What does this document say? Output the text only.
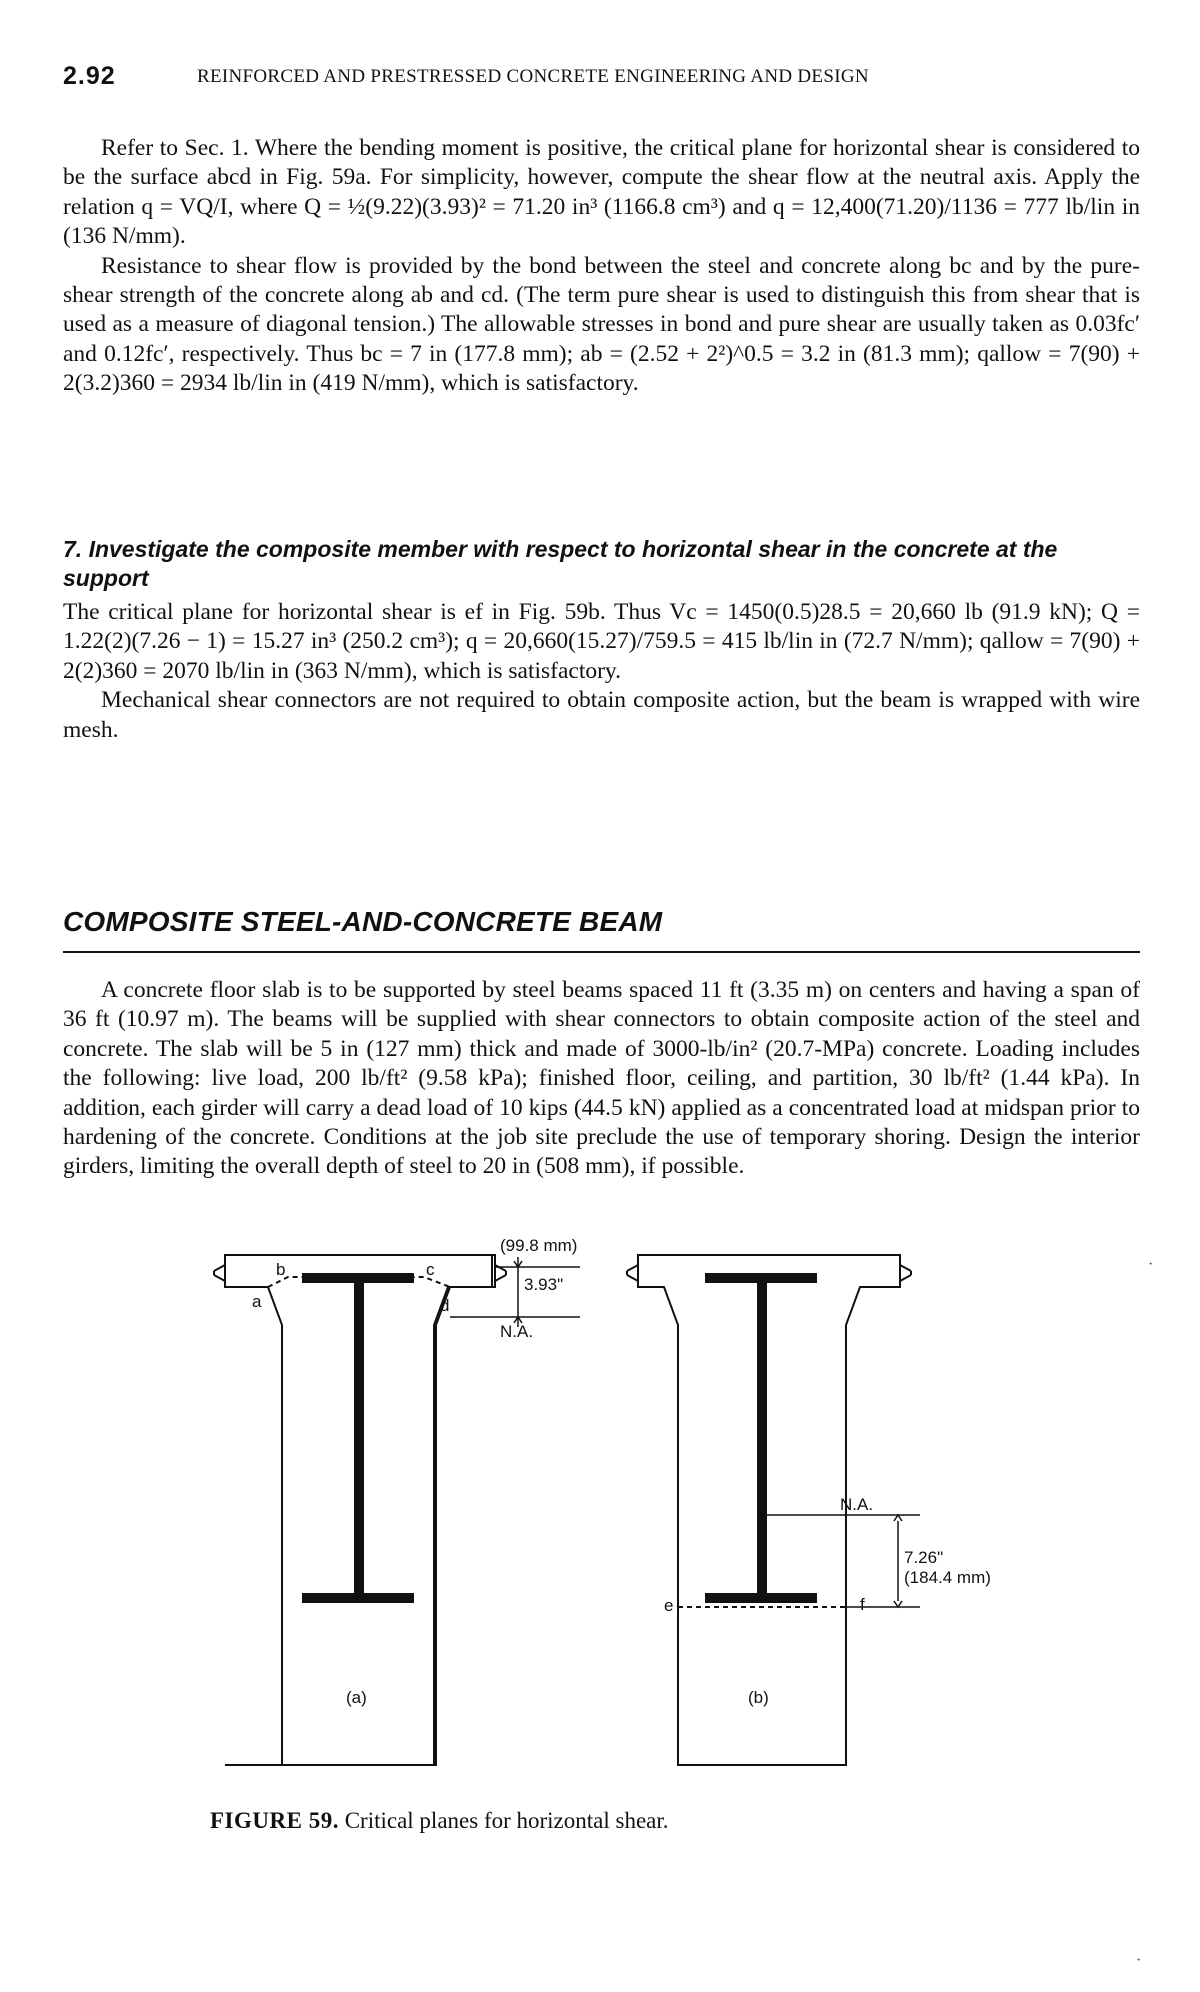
2.92	REINFORCED AND PRESTRESSED CONCRETE ENGINEERING AND DESIGN

Refer to Sec. 1. Where the bending moment is positive, the critical plane for horizontal shear is considered to be the surface abcd in Fig. 59a. For simplicity, however, compute the shear flow at the neutral axis. Apply the relation q = VQ/I, where Q = ½(9.22)(3.93)² = 71.20 in³ (1166.8 cm³) and q = 12,400(71.20)/1136 = 777 lb/lin in (136 N/mm).

Resistance to shear flow is provided by the bond between the steel and concrete along bc and by the pure-shear strength of the concrete along ab and cd. (The term pure shear is used to distinguish this from shear that is used as a measure of diagonal tension.) The allowable stresses in bond and pure shear are usually taken as 0.03fc′ and 0.12fc′, respectively. Thus bc = 7 in (177.8 mm); ab = (2.52 + 2²)^0.5 = 3.2 in (81.3 mm); qallow = 7(90) + 2(3.2)360 = 2934 lb/lin in (419 N/mm), which is satisfactory.

7. Investigate the composite member with respect to horizontal shear in the concrete at the support

The critical plane for horizontal shear is ef in Fig. 59b. Thus Vc = 1450(0.5)28.5 = 20,660 lb (91.9 kN); Q = 1.22(2)(7.26 − 1) = 15.27 in³ (250.2 cm³); q = 20,660(15.27)/759.5 = 415 lb/lin in (72.7 N/mm); qallow = 7(90) + 2(2)360 = 2070 lb/lin in (363 N/mm), which is satisfactory.

Mechanical shear connectors are not required to obtain composite action, but the beam is wrapped with wire mesh.

COMPOSITE STEEL-AND-CONCRETE BEAM

A concrete floor slab is to be supported by steel beams spaced 11 ft (3.35 m) on centers and having a span of 36 ft (10.97 m). The beams will be supplied with shear connectors to obtain composite action of the steel and concrete. The slab will be 5 in (127 mm) thick and made of 3000-lb/in² (20.7-MPa) concrete. Loading includes the following: live load, 200 lb/ft² (9.58 kPa); finished floor, ceiling, and partition, 30 lb/ft² (1.44 kPa). In addition, each girder will carry a dead load of 10 kips (44.5 kN) applied as a concentrated load at midspan prior to hardening of the concrete. Conditions at the job site preclude the use of temporary shoring. Design the interior girders, limiting the overall depth of steel to 20 in (508 mm), if possible.

b	c
a	d
(99.8 mm)
3.93"
N.A.
N.A.
f
e
7.26"
(184.4 mm)
(a)	(b)
FIGURE 59. Critical planes for horizontal shear.
·
·
